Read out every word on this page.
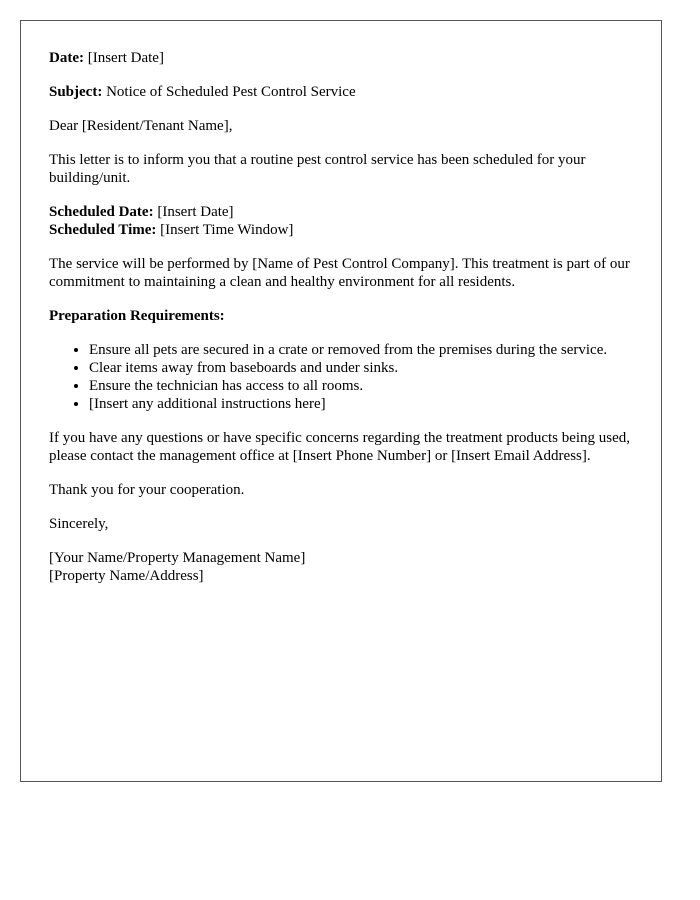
Date: [Insert Date]

Subject: Notice of Scheduled Pest Control Service

Dear [Resident/Tenant Name],

This letter is to inform you that a routine pest control service has been scheduled for your building/unit.

Scheduled Date: [Insert Date]

Scheduled Time: [Insert Time Window]

The service will be performed by [Name of Pest Control Company]. This treatment is part of our commitment to maintaining a clean and healthy environment for all residents.

Preparation Requirements:

• Ensure all pets are secured in a crate or removed from the premises during the service.
• Clear items away from baseboards and under sinks.
• Ensure the technician has access to all rooms.
• [Insert any additional instructions here]

If you have any questions or have specific concerns regarding the treatment products being used, please contact the management office at [Insert Phone Number] or [Insert Email Address].

Thank you for your cooperation.

Sincerely,

[Your Name/Property Management Name]

[Property Name/Address]
